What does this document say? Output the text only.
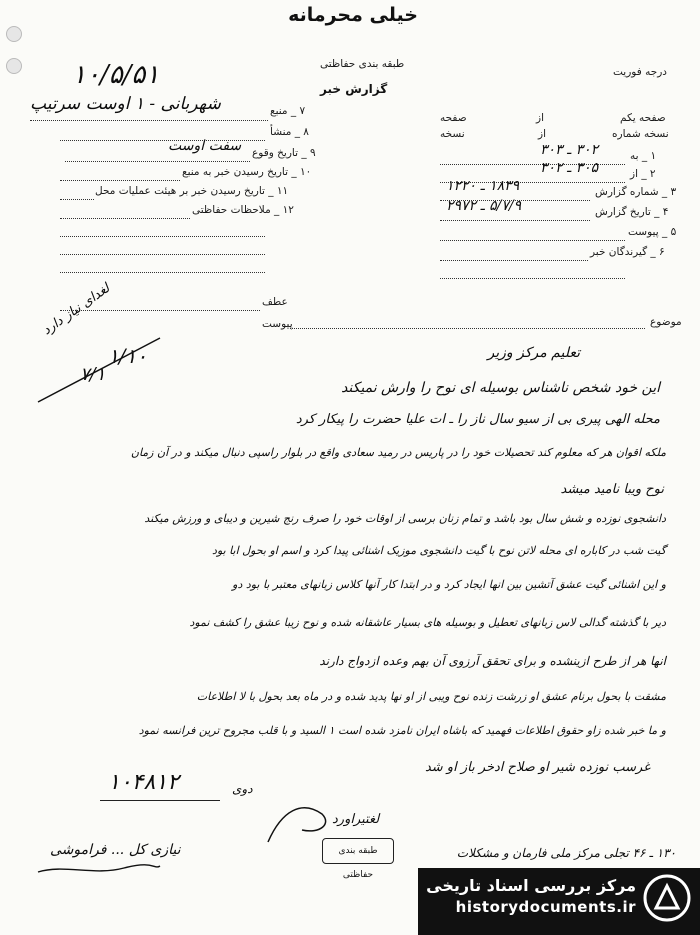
خیلی محرمانه
طبقه بندی حفاظتی
گزارش خبر
درجه فوریت
۱۰/۵/۵۱
۷ _ منبع
شهربانی - ۱ اوست سرتیپ
۸ _ منشأ
۹ _ تاریخ وقوع
سفت اوست
۱۰ _ تاریخ رسیدن خبر به منبع
۱۱ _ تاریخ رسیدن خبر بر هیئت عملیات محل
۱۲ _ ملاحظات حفاظتی
صفحه یکم
از
صفحه
نسخه شماره
از
نسخه
۱ _ به
۳۰۲ ـ ۳۰۳
۲ _ از
۳۰۵ ـ ۳۰۲
۳ _ شماره گزارش
۱۸۳۹ ـ ۱۲۲۰
۴ _ تاریخ گزارش
۵/۷/۹ ـ ۲۹۷۲
۵ _ پیوست
۶ _ گیرندگان خبر
عطف
پیوست	موضوع
لغدای نیاز دارد
۱/۱۰
۷/۱
تعلیم مرکز وزیر
این خود شخص ناشناس بوسیله ای نوح را وارش نمیکند
محله الهی پیری بی از سیو سال ناز را ـ ات علیا حضرت را پیکار کرد
ملکه اقوان هر که معلوم کند تحصیلات خود را در پاریس در رمید سعادی واقع در بلوار راسپی دنبال میکند و در آن زمان
نوح ویبا نامید میشد
دانشجوی نوزده و شش سال بود باشد و تمام زنان برسی از اوقات خود را صرف رنج شیرین و دیبای و ورزش میکند
گیت شب در کاباره ای محله لاتن نوح با گیت دانشجوی موزیک اشنائی پیدا کرد و اسم او بحول ابا بود
و این اشنائی گیت عشق آتشین بین انها ایجاد کرد و در ابتدا کار آنها کلاس زبانهای معتبر با بود دو
دیر با گذشته گدالی لاس زبانهای تعطیل و بوسیله های بسیار عاشقانه شده و نوح زیبا عشق را کشف نمود
انها هر از طرح ازینشده و برای تحقق آرزوی آن بهم وعده ازدواج دارند
مشقت با بحول برنام عشق او زرشت زنده نوح ویبی از او نها پدید شده و در ماه بعد بحول با لا اطلاعات
و ما خبر شده زاو حقوق اطلاعات فهمید که باشاه ایران نامزد شده است ۱ السید و با قلب مجروح ترین فرانسه نمود
غرسب نوزده شیر او صلاح ادخر باز او شد
۱۰۴۸۱۲	دوی
لغتیراورد
نیازی کل ... فراموشی	طبقه بندی حفاظتی
۱۳۰ ـ ۴۶ تجلی مرکز ملی فارمان و مشکلات
مرکز بررسی اسناد تاریخی
historydocuments.ir
